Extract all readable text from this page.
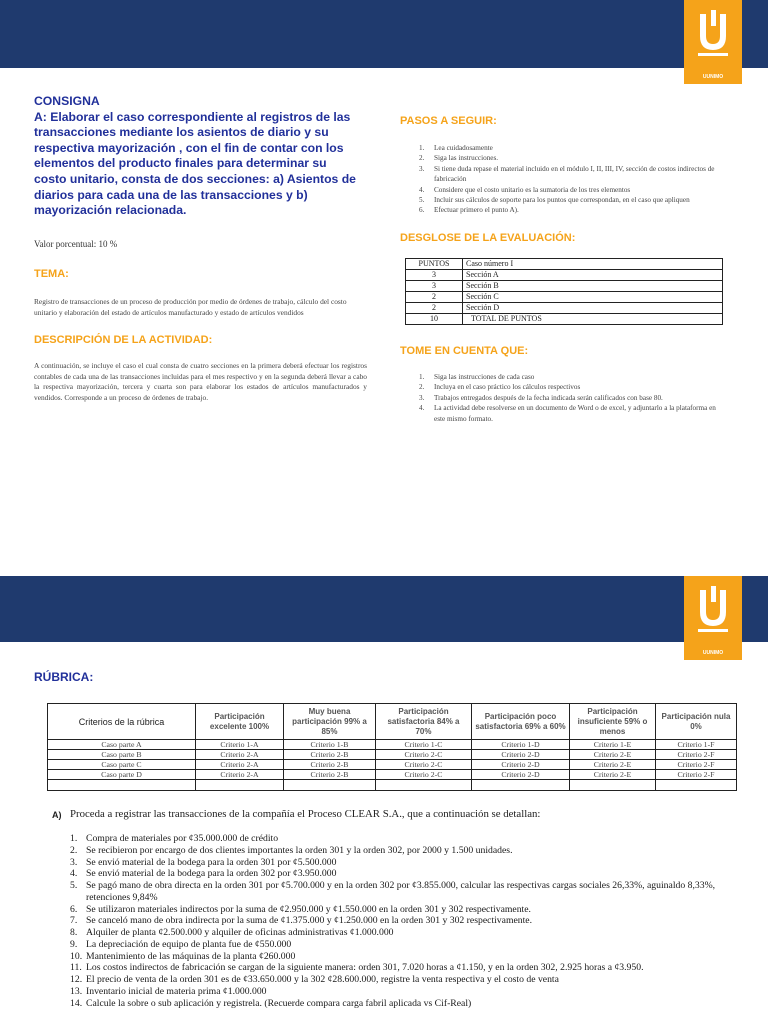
UUNIMO
UUNIMO
CONSIGNA
A: Elaborar el caso correspondiente al registros de las transacciones mediante los asientos de diario y su respectiva mayorización , con el fin de contar con los elementos del producto finales para determinar su costo unitario, consta de dos secciones: a) Asientos de diarios para cada una de las transacciones y b) mayorización relacionada.
Valor porcentual: 10 %
TEMA:
Registro de transacciones de un proceso de producción por medio de órdenes de trabajo, cálculo del costo unitario y elaboración del estado de artículos manufacturado y estado de artículos vendidos
DESCRIPCIÓN DE LA ACTIVIDAD:
A continuación, se incluye el caso el cual consta de cuatro secciones en la primera deberá efectuar los registros contables de cada una de las transacciones incluidas para el mes respectivo y en la segunda deberá llevar a cabo la respectiva mayorización, tercera y cuarta son para elaborar los estados de artículos manufacturados y vendidos. Corresponde a un proceso de órdenes de trabajo.
PASOS A SEGUIR:
1. Lea cuidadosamente
2. Siga las instrucciones.
3. Si tiene duda repase el material incluido en el módulo I, II, III, IV, sección de costos indirectos de fabricación
4. Considere que el costo unitario es la sumatoria de los tres elementos
5. Incluir sus cálculos de soporte para los puntos que correspondan, en el caso que apliquen
6. Efectuar primero el punto A).
DESGLOSE DE LA EVALUACIÓN:
PUNTOS	Caso número I
3	Sección A
3	Sección B
2	Sección C
2	Sección D
10	TOTAL DE PUNTOS
TOME EN CUENTA QUE:
1. Siga las instrucciones de cada caso
2. Incluya en el caso práctico los cálculos respectivos
3. Trabajos entregados después de la fecha indicada serán calificados con base 80.
4. La actividad debe resolverse en un documento de Word o de excel, y adjuntarlo a la plataforma en este mismo formato.
RÚBRICA:
Criterios de la rúbrica	Participación excelente 100%	Muy buena participación 99% a 85%	Participación satisfactoria 84% a 70%	Participación poco satisfactoria 69% a 60%	Participación insuficiente 59% o menos	Participación nula 0%
Caso parte A	Criterio 1-A	Criterio 1-B	Criterio 1-C	Criterio 1-D	Criterio 1-E	Criterio 1-F
Caso parte B	Criterio 2-A	Criterio 2-B	Criterio 2-C	Criterio 2-D	Criterio 2-E	Criterio 2-F
Caso parte C	Criterio 2-A	Criterio 2-B	Criterio 2-C	Criterio 2-D	Criterio 2-E	Criterio 2-F
Caso parte D	Criterio 2-A	Criterio 2-B	Criterio 2-C	Criterio 2-D	Criterio 2-E	Criterio 2-F

A) Proceda a registrar las transacciones de la compañía el Proceso CLEAR S.A., que a continuación se detallan:
1. Compra de materiales por ¢35.000.000 de crédito
2. Se recibieron por encargo de dos clientes importantes la orden 301 y la orden 302, por 2000 y 1.500 unidades.
3. Se envió material de la bodega para la orden 301 por ¢5.500.000
4. Se envió material de la bodega para la orden 302 por ¢3.950.000
5. Se pagó mano de obra directa en la orden 301 por ¢5.700.000 y en la orden 302 por ¢3.855.000, calcular las respectivas cargas sociales 26,33%, aguinaldo 8,33%, retenciones 9,84%
6. Se utilizaron materiales indirectos por la suma de ¢2.950.000 y ¢1.550.000 en la orden 301 y 302 respectivamente.
7. Se canceló mano de obra indirecta por la suma de ¢1.375.000 y ¢1.250.000 en la orden 301 y 302 respectivamente.
8. Alquiler de planta ¢2.500.000 y alquiler de oficinas administrativas ¢1.000.000
9. La depreciación de equipo de planta fue de ¢550.000
10. Mantenimiento de las máquinas de la planta ¢260.000
11. Los costos indirectos de fabricación se cargan de la siguiente manera: orden 301, 7.020 horas a ¢1.150, y en la orden 302, 2.925 horas a ¢3.950.
12. El precio de venta de la orden 301 es de ¢33.650.000 y la 302 ¢28.600.000, registre la venta respectiva y el costo de venta
13. Inventario inicial de materia prima ¢1.000.000
14. Calcule la sobre o sub aplicación y registrela. (Recuerde compara carga fabril aplicada vs Cif-Real)
